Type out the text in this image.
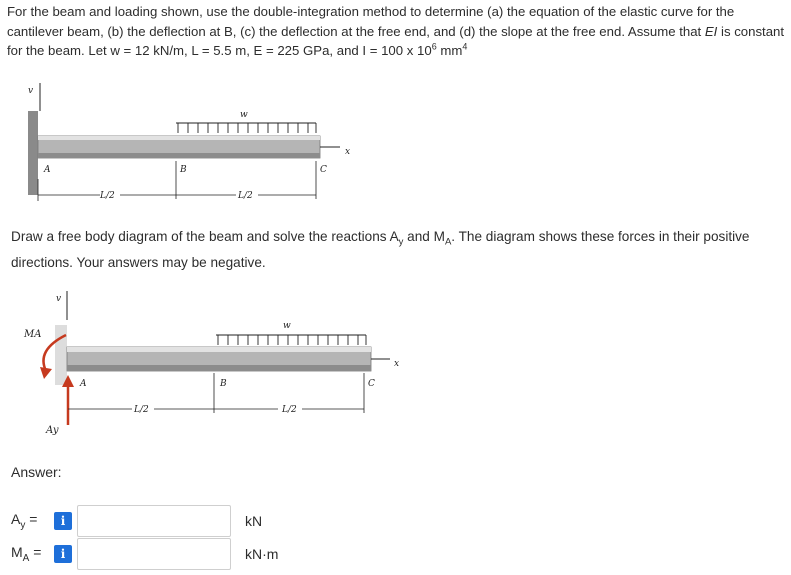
For the beam and loading shown, use the double-integration method to determine (a) the equation of the elastic curve for the cantilever beam, (b) the deflection at B, (c) the deflection at the free end, and (d) the slope at the free end. Assume that EI is constant for the beam. Let w = 12 kN/m, L = 5.5 m, E = 225 GPa, and I = 100 x $10^6$ $mm^4$
v
x
w
A	B	C
L/2	L/2
Draw a free body diagram of the beam and solve the reactions $A_y$ and $M_A$. The diagram shows these forces in their positive directions. Your answers may be negative.
v
MA
x
w
Ay
A	B	C
L/2	L/2
Answer:
$A_y$ =	i	kN
$M_A$ =	i	kN·m
